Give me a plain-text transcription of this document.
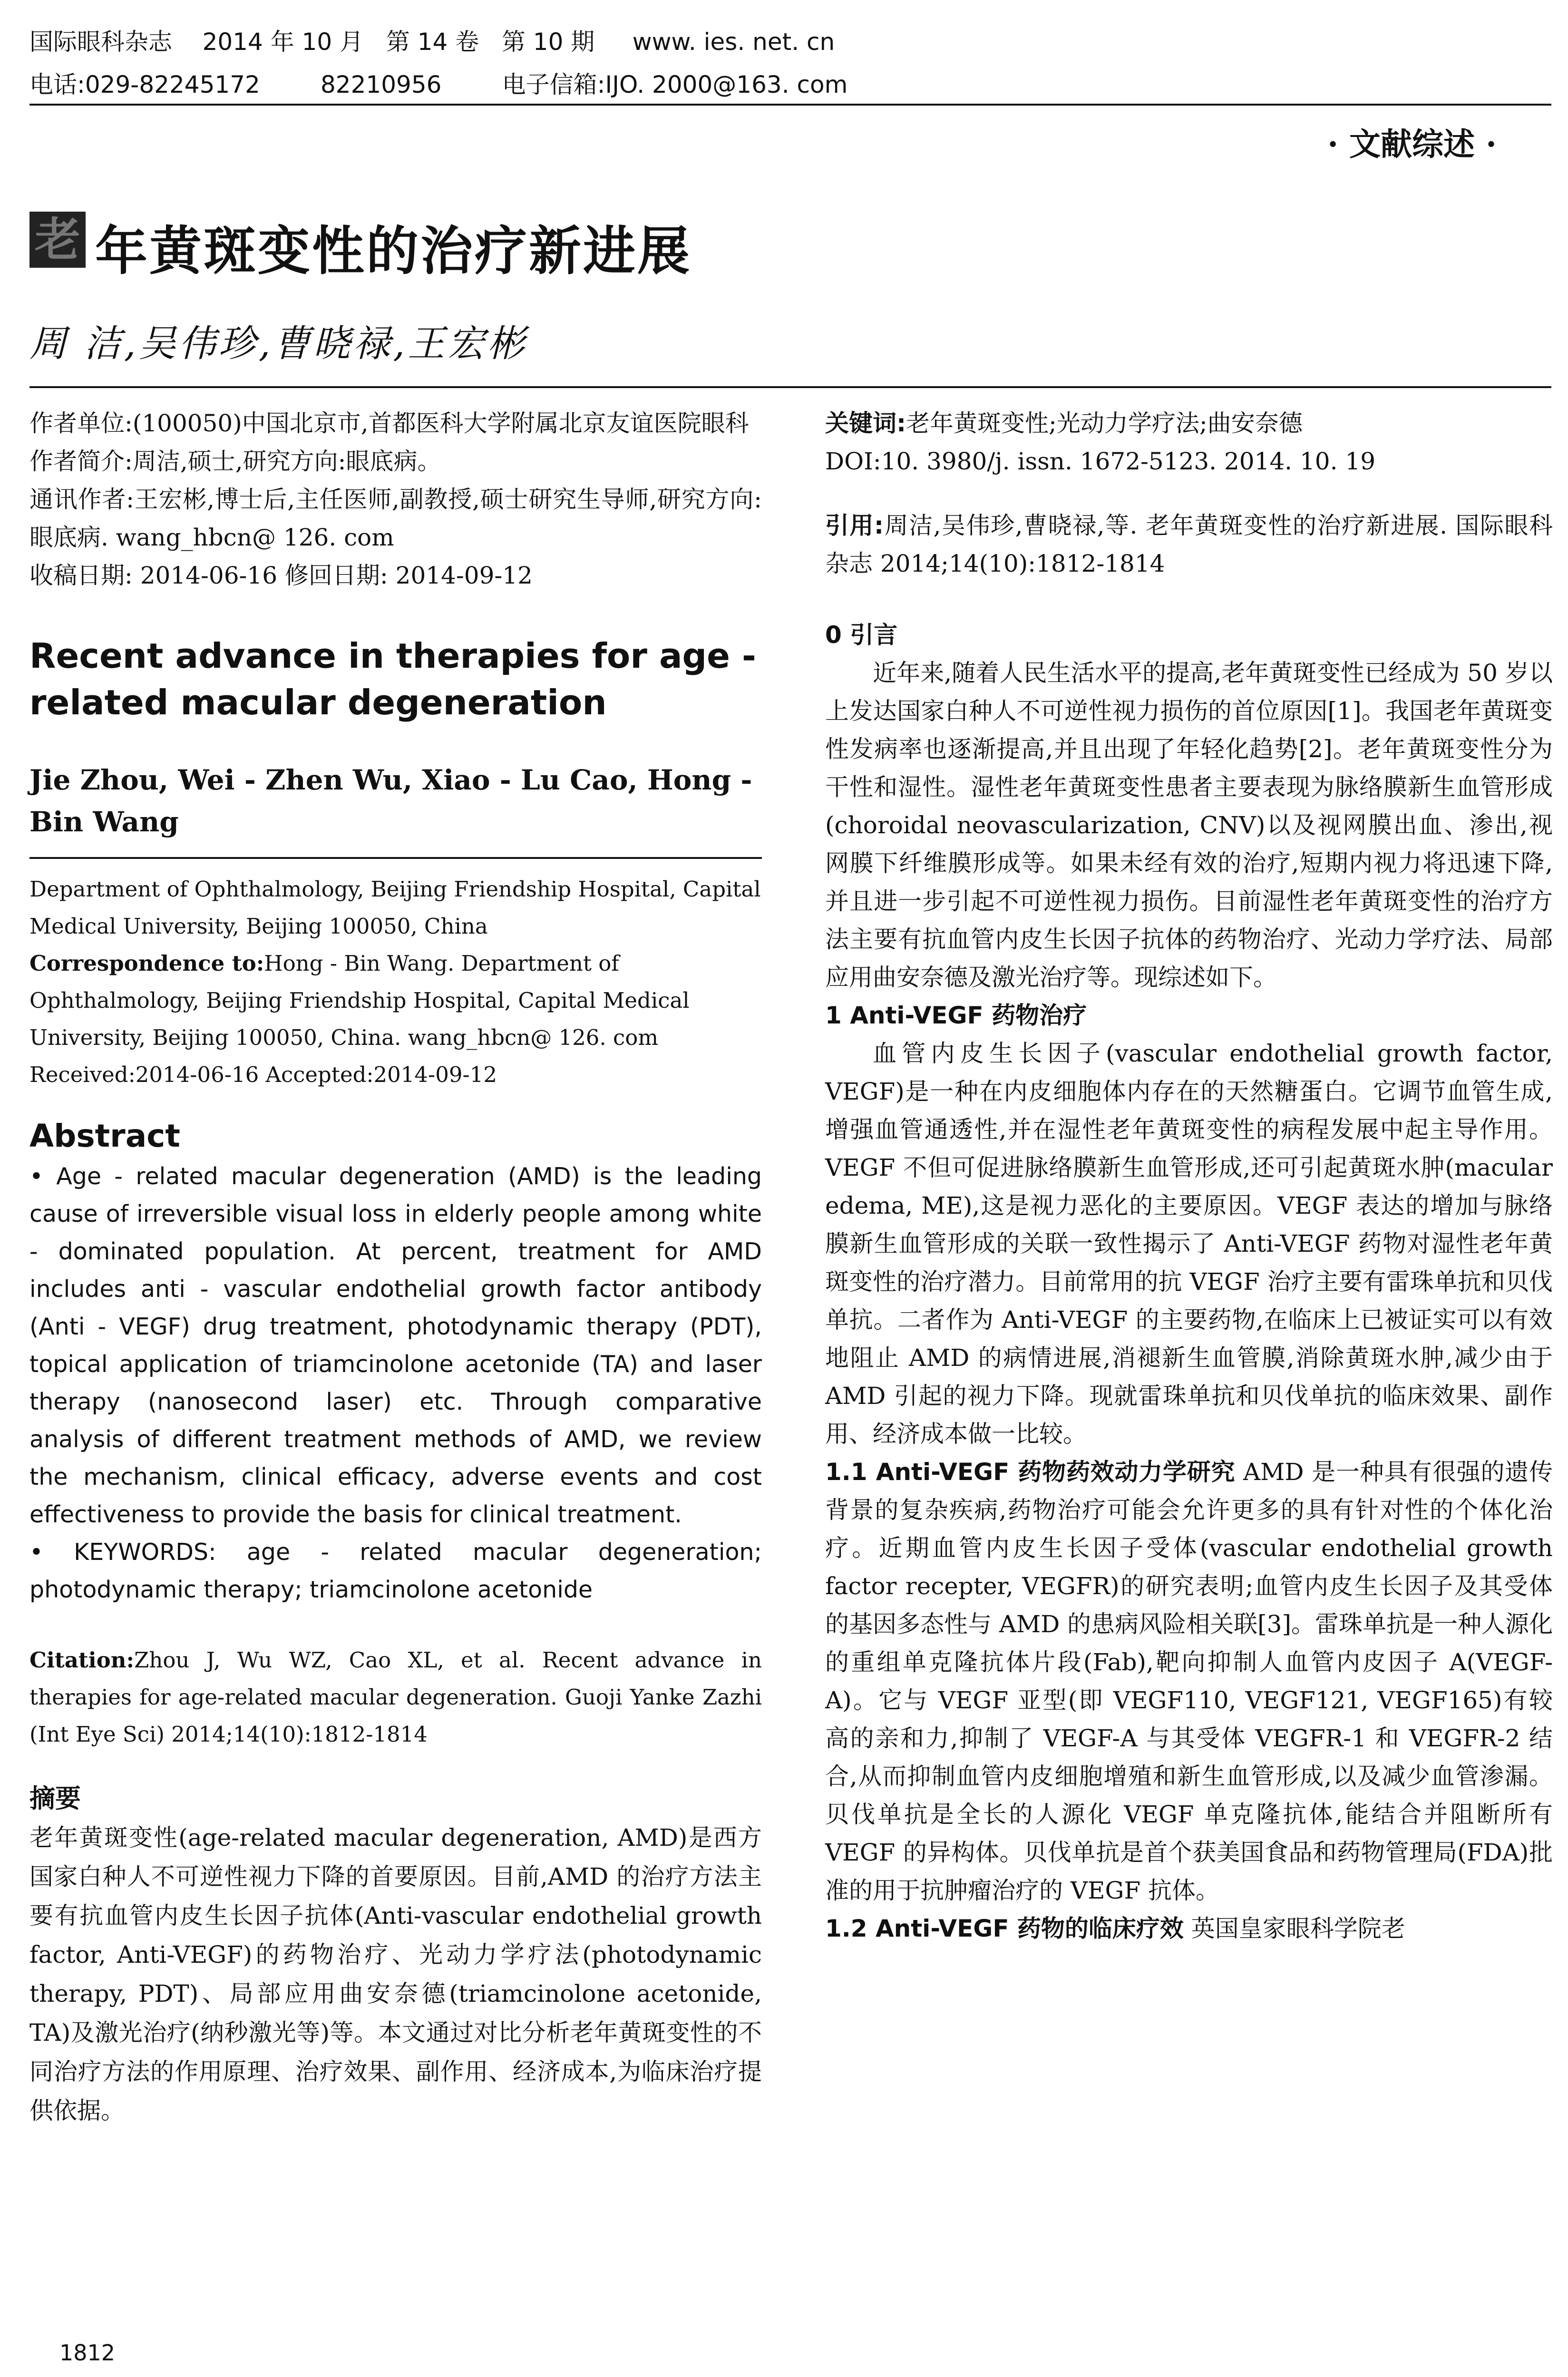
国际眼科杂志    2014 年 10 月   第 14 卷   第 10 期     www. ies. net. cn
电话:029-82245172        82210956        电子信箱:IJO. 2000@163. com
· 文献综述 ·
老 年黄斑变性的治疗新进展
周 洁,吴伟珍,曹晓禄,王宏彬

作者单位:(100050)中国北京市,首都医科大学附属北京友谊医院眼科

作者简介:周洁,硕士,研究方向:眼底病。

通讯作者:王宏彬,博士后,主任医师,副教授,硕士研究生导师,研究方向:眼底病. wang_hbcn@ 126. com

收稿日期: 2014-06-16 修回日期: 2014-09-12

Recent advance in therapies for age - related macular degeneration

Jie Zhou, Wei - Zhen Wu, Xiao - Lu Cao, Hong - Bin Wang

Department of Ophthalmology, Beijing Friendship Hospital, Capital Medical University, Beijing 100050, China

Correspondence to:Hong - Bin Wang. Department of Ophthalmology, Beijing Friendship Hospital, Capital Medical University, Beijing 100050, China. wang_hbcn@ 126. com

Received:2014-06-16 Accepted:2014-09-12

Abstract

• Age - related macular degeneration (AMD) is the leading cause of irreversible visual loss in elderly people among white - dominated population. At percent, treatment for AMD includes anti - vascular endothelial growth factor antibody (Anti - VEGF) drug treatment, photodynamic therapy (PDT), topical application of triamcinolone acetonide (TA) and laser therapy (nanosecond laser) etc. Through comparative analysis of different treatment methods of AMD, we review the mechanism, clinical efficacy, adverse events and cost effectiveness to provide the basis for clinical treatment.

• KEYWORDS: age - related macular degeneration; photodynamic therapy; triamcinolone acetonide

Citation:Zhou J, Wu WZ, Cao XL, et al. Recent advance in therapies for age-related macular degeneration. Guoji Yanke Zazhi (Int Eye Sci) 2014;14(10):1812-1814

摘要

老年黄斑变性(age-related macular degeneration, AMD)是西方国家白种人不可逆性视力下降的首要原因。目前,AMD 的治疗方法主要有抗血管内皮生长因子抗体(Anti-vascular endothelial growth factor, Anti-VEGF)的药物治疗、光动力学疗法(photodynamic therapy, PDT)、局部应用曲安奈德(triamcinolone acetonide, TA)及激光治疗(纳秒激光等)等。本文通过对比分析老年黄斑变性的不同治疗方法的作用原理、治疗效果、副作用、经济成本,为临床治疗提供依据。

关键词:老年黄斑变性;光动力学疗法;曲安奈德

DOI:10. 3980/j. issn. 1672-5123. 2014. 10. 19

引用:周洁,吴伟珍,曹晓禄,等. 老年黄斑变性的治疗新进展. 国际眼科杂志 2014;14(10):1812-1814

0 引言

近年来,随着人民生活水平的提高,老年黄斑变性已经成为 50 岁以上发达国家白种人不可逆性视力损伤的首位原因[1]。我国老年黄斑变性发病率也逐渐提高,并且出现了年轻化趋势[2]。老年黄斑变性分为干性和湿性。湿性老年黄斑变性患者主要表现为脉络膜新生血管形成(choroidal neovascularization, CNV)以及视网膜出血、渗出,视网膜下纤维膜形成等。如果未经有效的治疗,短期内视力将迅速下降,并且进一步引起不可逆性视力损伤。目前湿性老年黄斑变性的治疗方法主要有抗血管内皮生长因子抗体的药物治疗、光动力学疗法、局部应用曲安奈德及激光治疗等。现综述如下。

1 Anti-VEGF 药物治疗

血管内皮生长因子(vascular endothelial growth factor, VEGF)是一种在内皮细胞体内存在的天然糖蛋白。它调节血管生成,增强血管通透性,并在湿性老年黄斑变性的病程发展中起主导作用。VEGF 不但可促进脉络膜新生血管形成,还可引起黄斑水肿(macular edema, ME),这是视力恶化的主要原因。VEGF 表达的增加与脉络膜新生血管形成的关联一致性揭示了 Anti-VEGF 药物对湿性老年黄斑变性的治疗潜力。目前常用的抗 VEGF 治疗主要有雷珠单抗和贝伐单抗。二者作为 Anti-VEGF 的主要药物,在临床上已被证实可以有效地阻止 AMD 的病情进展,消褪新生血管膜,消除黄斑水肿,减少由于 AMD 引起的视力下降。现就雷珠单抗和贝伐单抗的临床效果、副作用、经济成本做一比较。

1.1 Anti-VEGF 药物药效动力学研究 AMD 是一种具有很强的遗传背景的复杂疾病,药物治疗可能会允许更多的具有针对性的个体化治疗。近期血管内皮生长因子受体(vascular endothelial growth factor recepter, VEGFR)的研究表明;血管内皮生长因子及其受体的基因多态性与 AMD 的患病风险相关联[3]。雷珠单抗是一种人源化的重组单克隆抗体片段(Fab),靶向抑制人血管内皮因子 A(VEGF-A)。它与 VEGF 亚型(即 VEGF110, VEGF121, VEGF165)有较高的亲和力,抑制了 VEGF-A 与其受体 VEGFR-1 和 VEGFR-2 结合,从而抑制血管内皮细胞增殖和新生血管形成,以及减少血管渗漏。贝伐单抗是全长的人源化 VEGF 单克隆抗体,能结合并阻断所有 VEGF 的异构体。贝伐单抗是首个获美国食品和药物管理局(FDA)批准的用于抗肿瘤治疗的 VEGF 抗体。

1.2 Anti-VEGF 药物的临床疗效 英国皇家眼科学院老

1812
